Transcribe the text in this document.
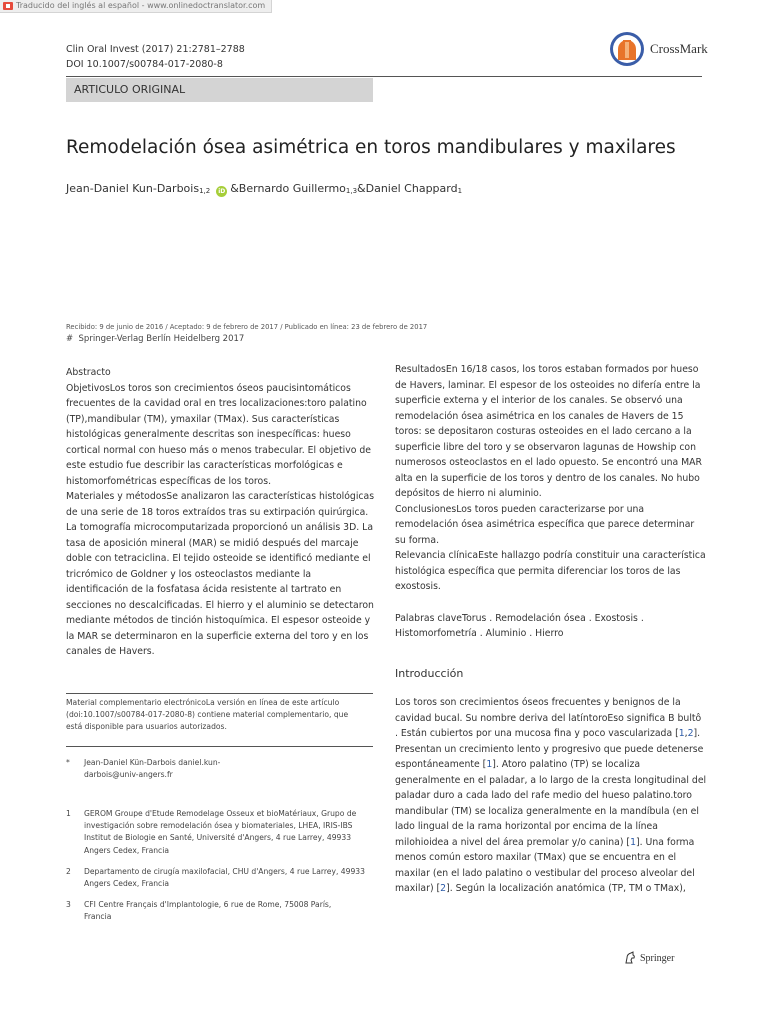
Traducido del inglés al español - www.onlinedoctranslator.com
Clin Oral Invest (2017) 21:2781–2788
DOI 10.1007/s00784-017-2080-8
CrossMark
ARTICULO ORIGINAL
Remodelación ósea asimétrica en toros mandibulares y maxilares
Jean-Daniel Kun-Darbois$^{1,2}$ iD &Bernardo Guillermo$^{1,3}$&Daniel Chappard$^1$
Recibido: 9 de junio de 2016 / Aceptado: 9 de febrero de 2017 / Publicado en línea: 23 de febrero de 2017
# Springer-Verlag Berlín Heidelberg 2017

Abstracto

ObjetivosLos toros son crecimientos óseos paucisintomáticos frecuentes de la cavidad oral en tres localizaciones:toro palatino (TP),mandibular (TM), ymaxilar (TMax). Sus características histológicas generalmente descritas son inespecíficas: hueso cortical normal con hueso más o menos trabecular. El objetivo de este estudio fue describir las características morfológicas e histomorfométricas específicas de los toros.

Materiales y métodosSe analizaron las características histológicas de una serie de 18 toros extraídos tras su extirpación quirúrgica. La tomografía microcomputarizada proporcionó un análisis 3D. La tasa de aposición mineral (MAR) se midió después del marcaje doble con tetraciclina. El tejido osteoide se identificó mediante el tricrómico de Goldner y los osteoclastos mediante la identificación de la fosfatasa ácida resistente al tartrato en secciones no descalcificadas. El hierro y el aluminio se detectaron mediante métodos de tinción histoquímica. El espesor osteoide y la MAR se determinaron en la superficie externa del toro y en los canales de Havers.

ResultadosEn 16/18 casos, los toros estaban formados por hueso de Havers, laminar. El espesor de los osteoides no difería entre la superficie externa y el interior de los canales. Se observó una remodelación ósea asimétrica en los canales de Havers de 15 toros: se depositaron costuras osteoides en el lado cercano a la superficie libre del toro y se observaron lagunas de Howship con numerosos osteoclastos en el lado opuesto. Se encontró una MAR alta en la superficie de los toros y dentro de los canales. No hubo depósitos de hierro ni aluminio.

ConclusionesLos toros pueden caracterizarse por una remodelación ósea asimétrica específica que parece determinar su forma.

Relevancia clínicaEste hallazgo podría constituir una característica histológica específica que permita diferenciar los toros de las exostosis.

Palabras claveTorus . Remodelación ósea . Exostosis . Histomorfometría . Aluminio . Hierro

Introducción

Los toros son crecimientos óseos frecuentes y benignos de la cavidad bucal. Su nombre deriva del latíntoroEso significa B bultô . Están cubiertos por una mucosa fina y poco vascularizada [1,2]. Presentan un crecimiento lento y progresivo que puede detenerse espontáneamente [1]. Atoro palatino (TP) se localiza generalmente en el paladar, a lo largo de la cresta longitudinal del paladar duro a cada lado del rafe medio del hueso palatino.toro mandibular (TM) se localiza generalmente en la mandíbula (en el lado lingual de la rama horizontal por encima de la línea milohioidea a nivel del área premolar y/o canina) [1]. Una forma menos común estoro maxilar (TMax) que se encuentra en el maxilar (en el lado palatino o vestibular del proceso alveolar del maxilar) [2]. Según la localización anatómica (TP, TM o TMax),

Material complementario electrónicoLa versión en línea de este artículo (doi:10.1007/s00784-017-2080-8) contiene material complementario, que está disponible para usuarios autorizados.
* Jean-Daniel Kün-Darbois daniel.kun-darbois@univ-angers.fr
1 GEROM Groupe d'Etude Remodelage Osseux et bioMatériaux, Grupo de investigación sobre remodelación ósea y biomateriales, LHEA, IRIS-IBS Institut de Biologie en Santé, Université d'Angers, 4 rue Larrey, 49933 Angers Cedex, Francia
2 Departamento de cirugía maxilofacial, CHU d'Angers, 4 rue Larrey, 49933 Angers Cedex, Francia
3 CFI Centre Français d'Implantologie, 6 rue de Rome, 75008 París, Francia
Springer
